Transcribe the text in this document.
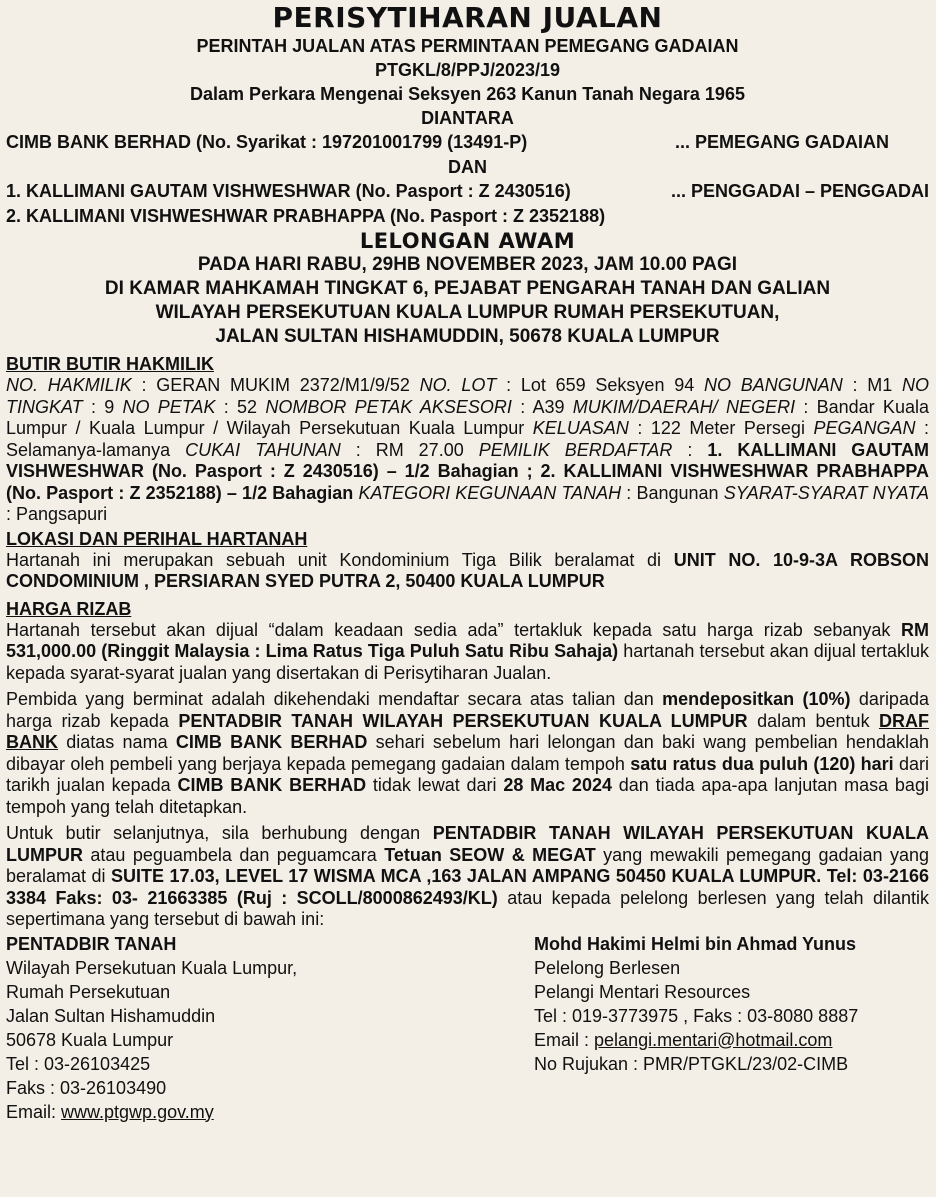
PERISYTIHARAN JUALAN
PERINTAH JUALAN ATAS PERMINTAAN PEMEGANG GADAIAN
PTGKL/8/PPJ/2023/19
Dalam Perkara Mengenai Seksyen 263 Kanun Tanah Negara 1965
DIANTARA
CIMB BANK BERHAD (No. Syarikat : 197201001799 (13491-P)	... PEMEGANG GADAIAN
DAN
1. KALLIMANI GAUTAM VISHWESHWAR (No. Pasport : Z 2430516)	... PENGGADAI – PENGGADAI
2. KALLIMANI VISHWESHWAR PRABHAPPA (No. Pasport : Z 2352188)
LELONGAN AWAM
PADA HARI RABU, 29HB NOVEMBER 2023, JAM 10.00 PAGI
DI KAMAR MAHKAMAH TINGKAT 6, PEJABAT PENGARAH TANAH DAN GALIAN
WILAYAH PERSEKUTUAN KUALA LUMPUR RUMAH PERSEKUTUAN,
JALAN SULTAN HISHAMUDDIN, 50678 KUALA LUMPUR
BUTIR BUTIR HAKMILIK
NO. HAKMILIK : GERAN MUKIM 2372/M1/9/52 NO. LOT : Lot 659 Seksyen 94 NO BANGUNAN : M1 NO TINGKAT : 9 NO PETAK : 52 NOMBOR PETAK AKSESORI : A39 MUKIM/DAERAH/ NEGERI : Bandar Kuala Lumpur / Kuala Lumpur / Wilayah Persekutuan Kuala Lumpur KELUASAN : 122 Meter Persegi PEGANGAN : Selamanya-lamanya CUKAI TAHUNAN : RM 27.00 PEMILIK BERDAFTAR : 1. KALLIMANI GAUTAM VISHWESHWAR (No. Pasport : Z 2430516) – 1/2 Bahagian ; 2. KALLIMANI VISHWESHWAR PRABHAPPA (No. Pasport : Z 2352188) – 1/2 Bahagian KATEGORI KEGUNAAN TANAH : Bangunan SYARAT-SYARAT NYATA : Pangsapuri
LOKASI DAN PERIHAL HARTANAH
Hartanah ini merupakan sebuah unit Kondominium Tiga Bilik beralamat di UNIT NO. 10-9-3A ROBSON CONDOMINIUM , PERSIARAN SYED PUTRA 2, 50400 KUALA LUMPUR
HARGA RIZAB
Hartanah tersebut akan dijual “dalam keadaan sedia ada” tertakluk kepada satu harga rizab sebanyak RM 531,000.00 (Ringgit Malaysia : Lima Ratus Tiga Puluh Satu Ribu Sahaja) hartanah tersebut akan dijual tertakluk kepada syarat-syarat jualan yang disertakan di Perisytiharan Jualan.
Pembida yang berminat adalah dikehendaki mendaftar secara atas talian dan mendepositkan (10%) daripada harga rizab kepada PENTADBIR TANAH WILAYAH PERSEKUTUAN KUALA LUMPUR dalam bentuk DRAF BANK diatas nama CIMB BANK BERHAD sehari sebelum hari lelongan dan baki wang pembelian hendaklah dibayar oleh pembeli yang berjaya kepada pemegang gadaian dalam tempoh satu ratus dua puluh (120) hari dari tarikh jualan kepada CIMB BANK BERHAD tidak lewat dari 28 Mac 2024 dan tiada apa-apa lanjutan masa bagi tempoh yang telah ditetapkan.
Untuk butir selanjutnya, sila berhubung dengan PENTADBIR TANAH WILAYAH PERSEKUTUAN KUALA LUMPUR atau peguambela dan peguamcara Tetuan SEOW & MEGAT yang mewakili pemegang gadaian yang beralamat di SUITE 17.03, LEVEL 17 WISMA MCA ,163 JALAN AMPANG 50450 KUALA LUMPUR. Tel: 03-2166 3384 Faks: 03- 21663385 (Ruj : SCOLL/8000862493/KL) atau kepada pelelong berlesen yang telah dilantik sepertimana yang tersebut di bawah ini:
PENTADBIR TANAH
Wilayah Persekutuan Kuala Lumpur,
Rumah Persekutuan
Jalan Sultan Hishamuddin
50678 Kuala Lumpur
Tel : 03-26103425
Faks : 03-26103490
Email: www.ptgwp.gov.my
Mohd Hakimi Helmi bin Ahmad Yunus
Pelelong Berlesen
Pelangi Mentari Resources
Tel : 019-3773975 , Faks : 03-8080 8887
Email : pelangi.mentari@hotmail.com
No Rujukan : PMR/PTGKL/23/02-CIMB
